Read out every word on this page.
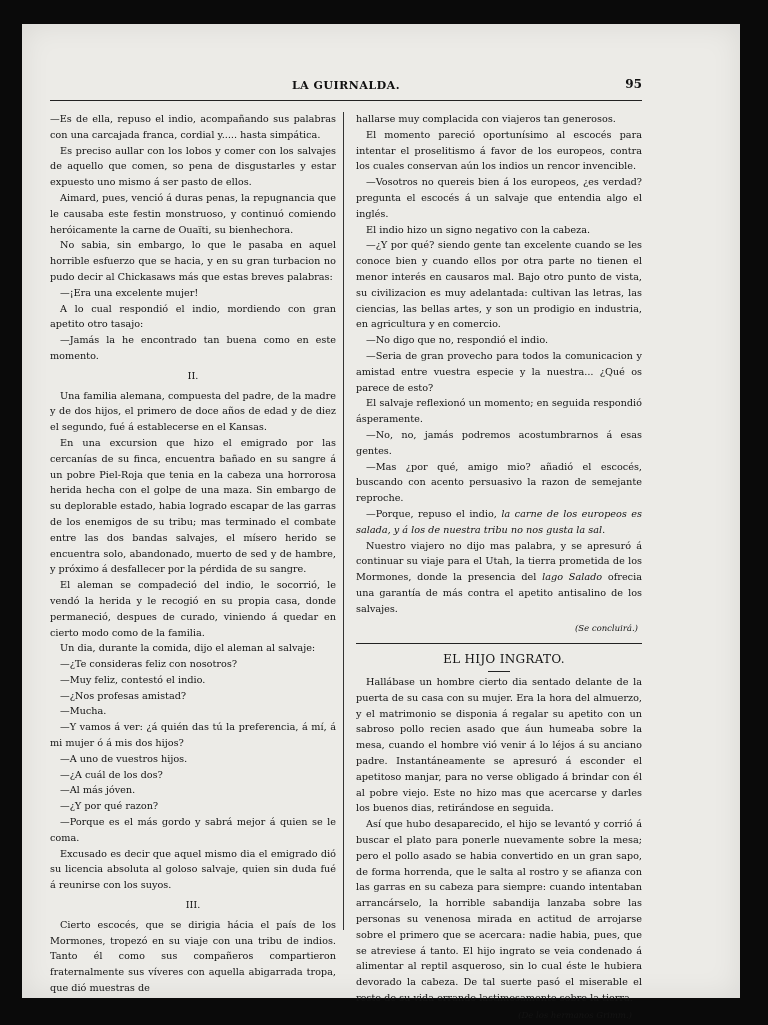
LA GUIRNALDA.	95

—Es de ella, repuso el indio, acompañando sus palabras con una carcajada franca, cordial y..... hasta simpática.

Es preciso aullar con los lobos y comer con los salvajes de aquello que comen, so pena de disgustarles y estar expuesto uno mismo á ser pasto de ellos.

Aimard, pues, venció á duras penas, la repugnancia que le causaba este festin monstruoso, y continuó comiendo heróicamente la carne de Ouaïti, su bienhechora.

No sabia, sin embargo, lo que le pasaba en aquel horrible esfuerzo que se hacia, y en su gran turbacion no pudo decir al Chickasaws más que estas breves palabras:

—¡Era una excelente mujer!

A lo cual respondió el indio, mordiendo con gran apetito otro tasajo:

—Jamás la he encontrado tan buena como en este momento.

II.

Una familia alemana, compuesta del padre, de la madre y de dos hijos, el primero de doce años de edad y de diez el segundo, fué á establecerse en el Kansas.

En una excursion que hizo el emigrado por las cercanías de su finca, encuentra bañado en su sangre á un pobre Piel-Roja que tenia en la cabeza una horrorosa herida hecha con el golpe de una maza. Sin embargo de su deplorable estado, habia logrado escapar de las garras de los enemigos de su tribu; mas terminado el combate entre las dos bandas salvajes, el mísero herido se encuentra solo, abandonado, muerto de sed y de hambre, y próximo á desfallecer por la pérdida de su sangre.

El aleman se compadeció del indio, le socorrió, le vendó la herida y le recogió en su propia casa, donde permaneció, despues de curado, viniendo á quedar en cierto modo como de la familia.

Un dia, durante la comida, dijo el aleman al salvaje:

—¿Te consideras feliz con nosotros?

—Muy feliz, contestó el indio.

—¿Nos profesas amistad?

—Mucha.

—Y vamos á ver: ¿á quién das tú la preferencia, á mí, á mi mujer ó á mis dos hijos?

—A uno de vuestros hijos.

—¿A cuál de los dos?

—Al más jóven.

—¿Y por qué razon?

—Porque es el más gordo y sabrá mejor á quien se le coma.

Excusado es decir que aquel mismo dia el emigrado dió su licencia absoluta al goloso salvaje, quien sin duda fué á reunirse con los suyos.

III.

Cierto escocés, que se dirigia hácia el país de los Mormones, tropezó en su viaje con una tribu de indios. Tanto él como sus compañeros compartieron fraternalmente sus víveres con aquella abigarrada tropa, que dió muestras de

hallarse muy complacida con viajeros tan generosos.

El momento pareció oportunísimo al escocés para intentar el proselitismo á favor de los europeos, contra los cuales conservan aún los indios un rencor invencible.

—Vosotros no quereis bien á los europeos, ¿es verdad? pregunta el escocés á un salvaje que entendia algo el inglés.

El indio hizo un signo negativo con la cabeza.

—¿Y por qué? siendo gente tan excelente cuando se les conoce bien y cuando ellos por otra parte no tienen el menor interés en causaros mal. Bajo otro punto de vista, su civilizacion es muy adelantada: cultivan las letras, las ciencias, las bellas artes, y son un prodigio en industria, en agricultura y en comercio.

—No digo que no, respondió el indio.

—Seria de gran provecho para todos la comunicacion y amistad entre vuestra especie y la nuestra... ¿Qué os parece de esto?

El salvaje reflexionó un momento; en seguida respondió ásperamente.

—No, no, jamás podremos acostumbrarnos á esas gentes.

—Mas ¿por qué, amigo mio? añadió el escocés, buscando con acento persuasivo la razon de semejante reproche.

—Porque, repuso el indio, la carne de los europeos es salada, y á los de nuestra tribu no nos gusta la sal.

Nuestro viajero no dijo mas palabra, y se apresuró á continuar su viaje para el Utah, la tierra prometida de los Mormones, donde la presencia del lago Salado ofrecia una garantía de más contra el apetito antisalino de los salvajes.

(Se concluirá.)

EL HIJO INGRATO.

Hallábase un hombre cierto dia sentado delante de la puerta de su casa con su mujer. Era la hora del almuerzo, y el matrimonio se disponia á regalar su apetito con un sabroso pollo recien asado que áun humeaba sobre la mesa, cuando el hombre vió venir á lo léjos á su anciano padre. Instantáneamente se apresuró á esconder el apetitoso manjar, para no verse obligado á brindar con él al pobre viejo. Este no hizo mas que acercarse y darles los buenos dias, retirándose en seguida.

Así que hubo desaparecido, el hijo se levantó y corrió á buscar el plato para ponerle nuevamente sobre la mesa; pero el pollo asado se habia convertido en un gran sapo, de forma horrenda, que le salta al rostro y se afianza con las garras en su cabeza para siempre: cuando intentaban arrancárselo, la horrible sabandija lanzaba sobre las personas su venenosa mirada en actitud de arrojarse sobre el primero que se acercara: nadie habia, pues, que se atreviese á tanto. El hijo ingrato se veia condenado á alimentar al reptil asqueroso, sin lo cual éste le hubiera devorado la cabeza. De tal suerte pasó el miserable el resto de su vida errando lastimosamente sobre la tierra.

(De los hermanos Grimm.)
